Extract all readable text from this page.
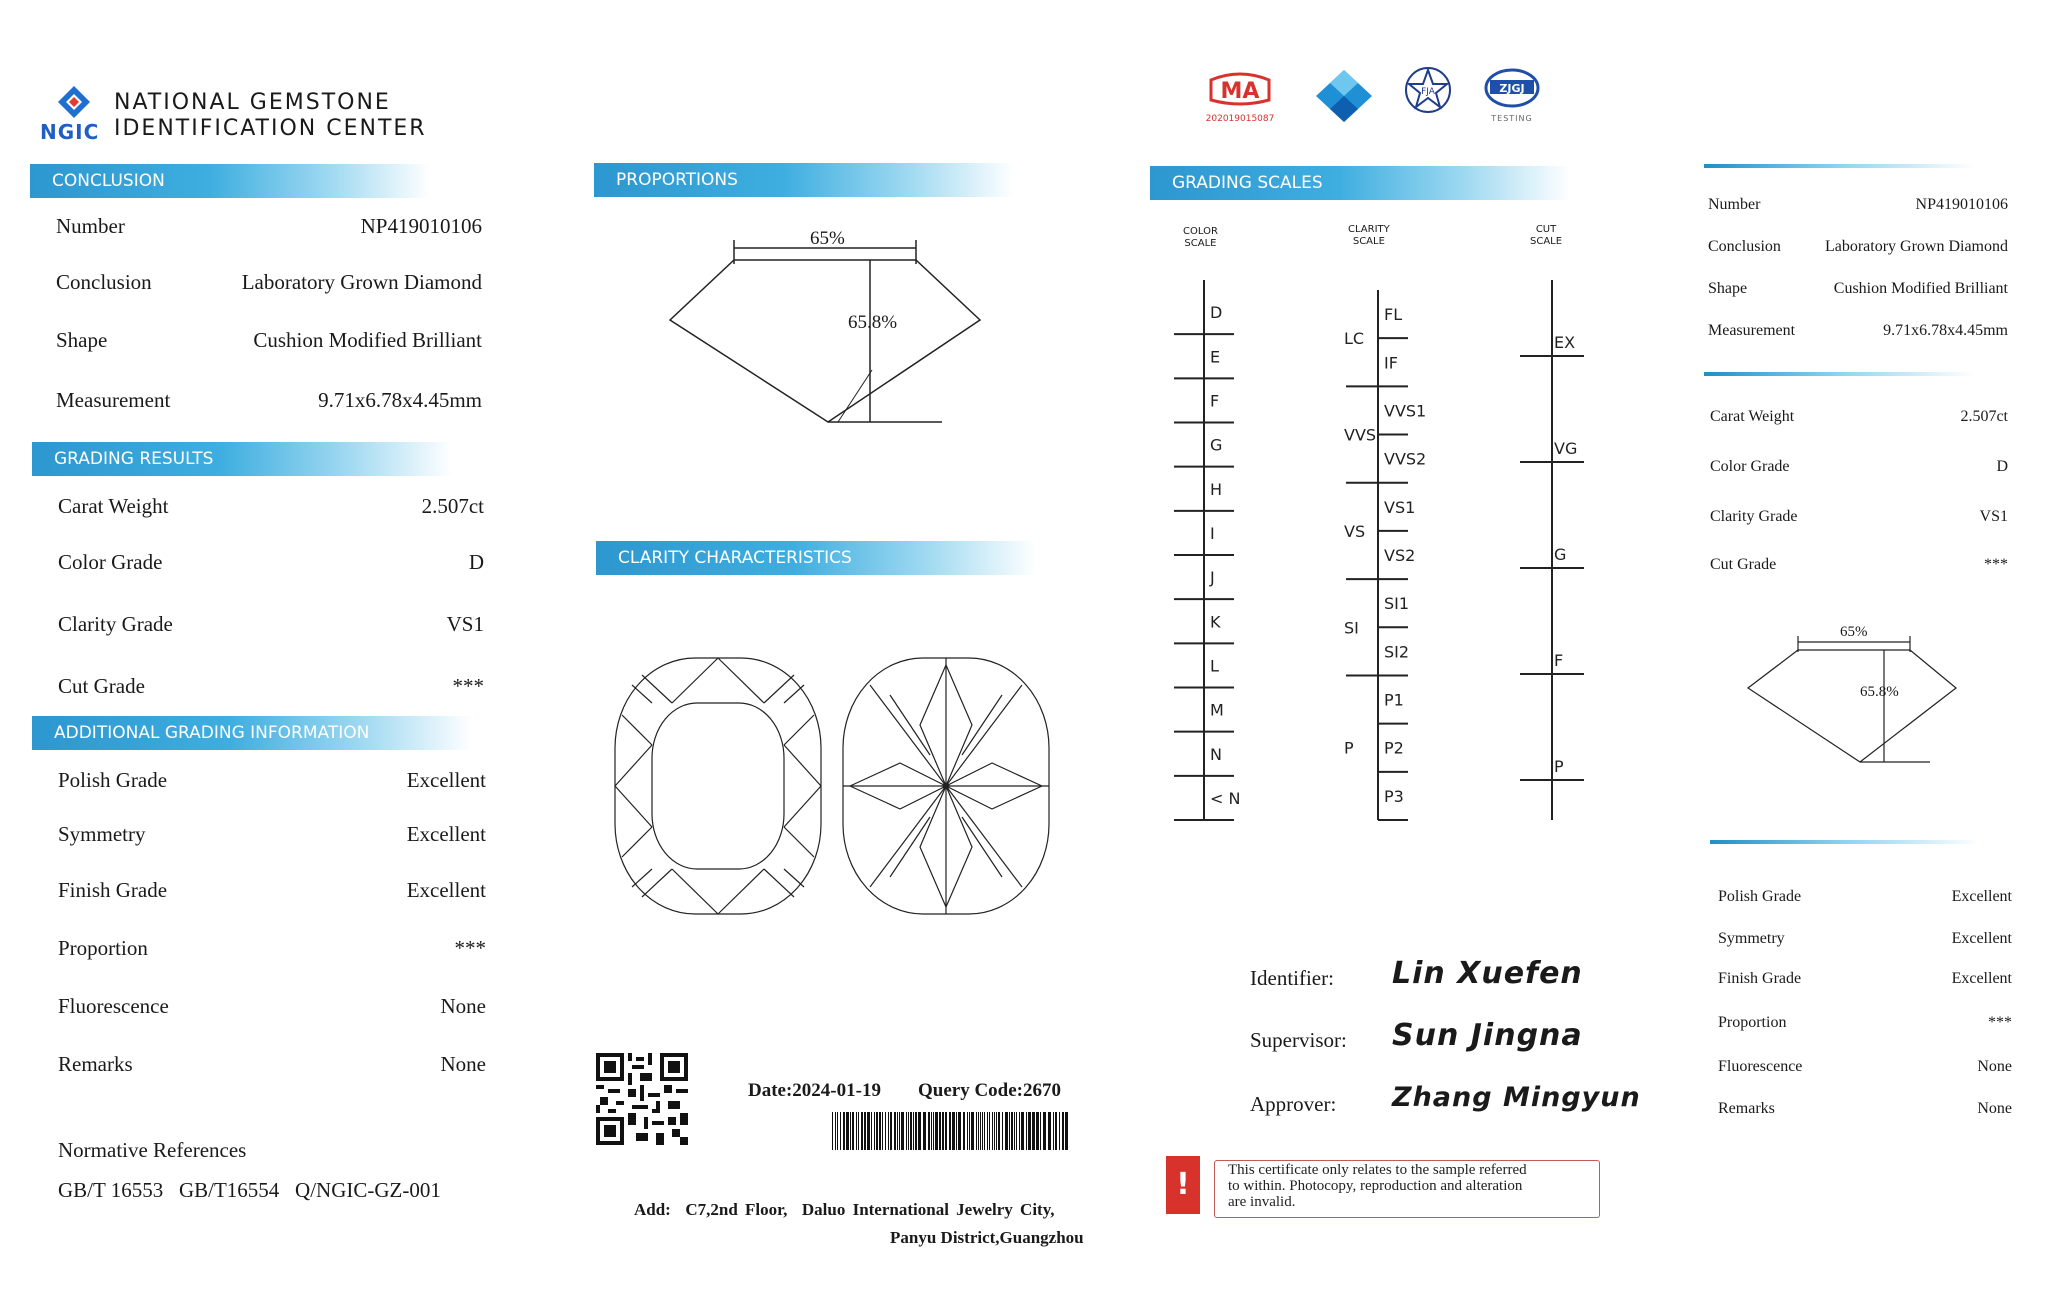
NGIC
NATIONAL GEMSTONE
IDENTIFICATION CENTER
MA
202019015087
FJA	ZJGJ
TESTING
CONCLUSION
Number	NP419010106
Conclusion	Laboratory Grown Diamond
Shape	Cushion Modified Brilliant
Measurement	9.71x6.78x4.45mm
GRADING RESULTS
Carat Weight	2.507ct
Color Grade	D
Clarity Grade	VS1
Cut Grade	***
ADDITIONAL GRADING INFORMATION
Polish Grade	Excellent
Symmetry	Excellent
Finish Grade	Excellent
Proportion	***
Fluorescence	None
Remarks	None
Normative References
GB/T 16553   GB/T16554   Q/NGIC-GZ-001
PROPORTIONS
65%
65.8%
CLARITY CHARACTERISTICS
Date:2024-01-19 Query Code:2670
Add:  C7,2nd Floor,  Daluo International Jewelry City,
Panyu District,Guangzhou
GRADING SCALES
COLOR
SCALE
CLARITY
SCALE
CUT
SCALE
D
E
F
G
H
I
J
K
L
M
N
< N
FL
IF
VVS1
VVS2
VS1
VS2
SI1
SI2
P1
P2
P3
LC
VVS
VS
SI
P
EX
VG
G
F
P
Identifier: Lin Xuefen
Supervisor: Sun Jingna
Approver: Zhang Mingyun
!	This certificate only relates to the sample referred
to within. Photocopy, reproduction and alteration
are invalid.
Number	NP419010106
Conclusion	Laboratory Grown Diamond
Shape	Cushion Modified Brilliant
Measurement	9.71x6.78x4.45mm
Carat Weight	2.507ct
Color Grade	D
Clarity Grade	VS1
Cut Grade	***
65%
65.8%
Polish Grade	Excellent
Symmetry	Excellent
Finish Grade	Excellent
Proportion	***
Fluorescence	None
Remarks	None
